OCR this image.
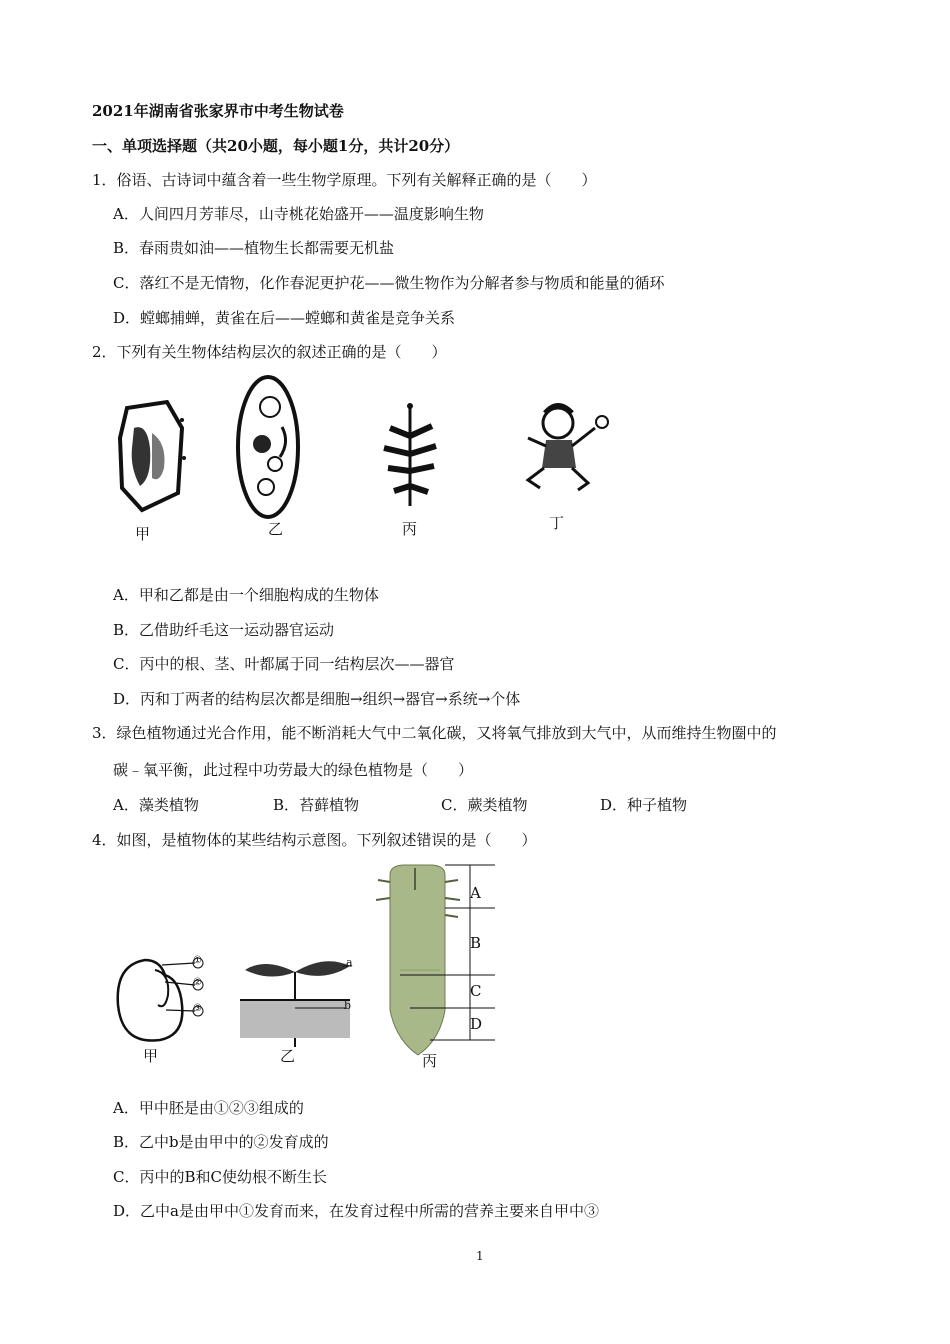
2021年湖南省张家界市中考生物试卷
一、单项选择题（共20小题，每小题1分，共计20分）
1．俗语、古诗词中蕴含着一些生物学原理。下列有关解释正确的是（　　）
A．人间四月芳菲尽，山寺桃花始盛开——温度影响生物
B．春雨贵如油——植物生长都需要无机盐
C．落红不是无情物，化作春泥更护花——微生物作为分解者参与物质和能量的循环
D．螳螂捕蝉，黄雀在后——螳螂和黄雀是竞争关系
2．下列有关生物体结构层次的叙述正确的是（　　）
甲	乙	丙	丁
A．甲和乙都是由一个细胞构成的生物体
B．乙借助纤毛这一运动器官运动
C．丙中的根、茎、叶都属于同一结构层次——器官
D．丙和丁两者的结构层次都是细胞→组织→器官→系统→个体
3．绿色植物通过光合作用，能不断消耗大气中二氧化碳，又将氧气排放到大气中，从而维持生物圈中的
碳﹣氧平衡，此过程中功劳最大的绿色植物是（　　）
A．藻类植物	B．苔藓植物	C．蕨类植物	D．种子植物
4．如图，是植物体的某些结构示意图。下列叙述错误的是（　　）
①
②
③
a
b
A
B
C
D
甲	乙	丙
A．甲中胚是由①②③组成的
B．乙中b是由甲中的②发育成的
C．丙中的B和C使幼根不断生长
D．乙中a是由甲中①发育而来，在发育过程中所需的营养主要来自甲中③
1
